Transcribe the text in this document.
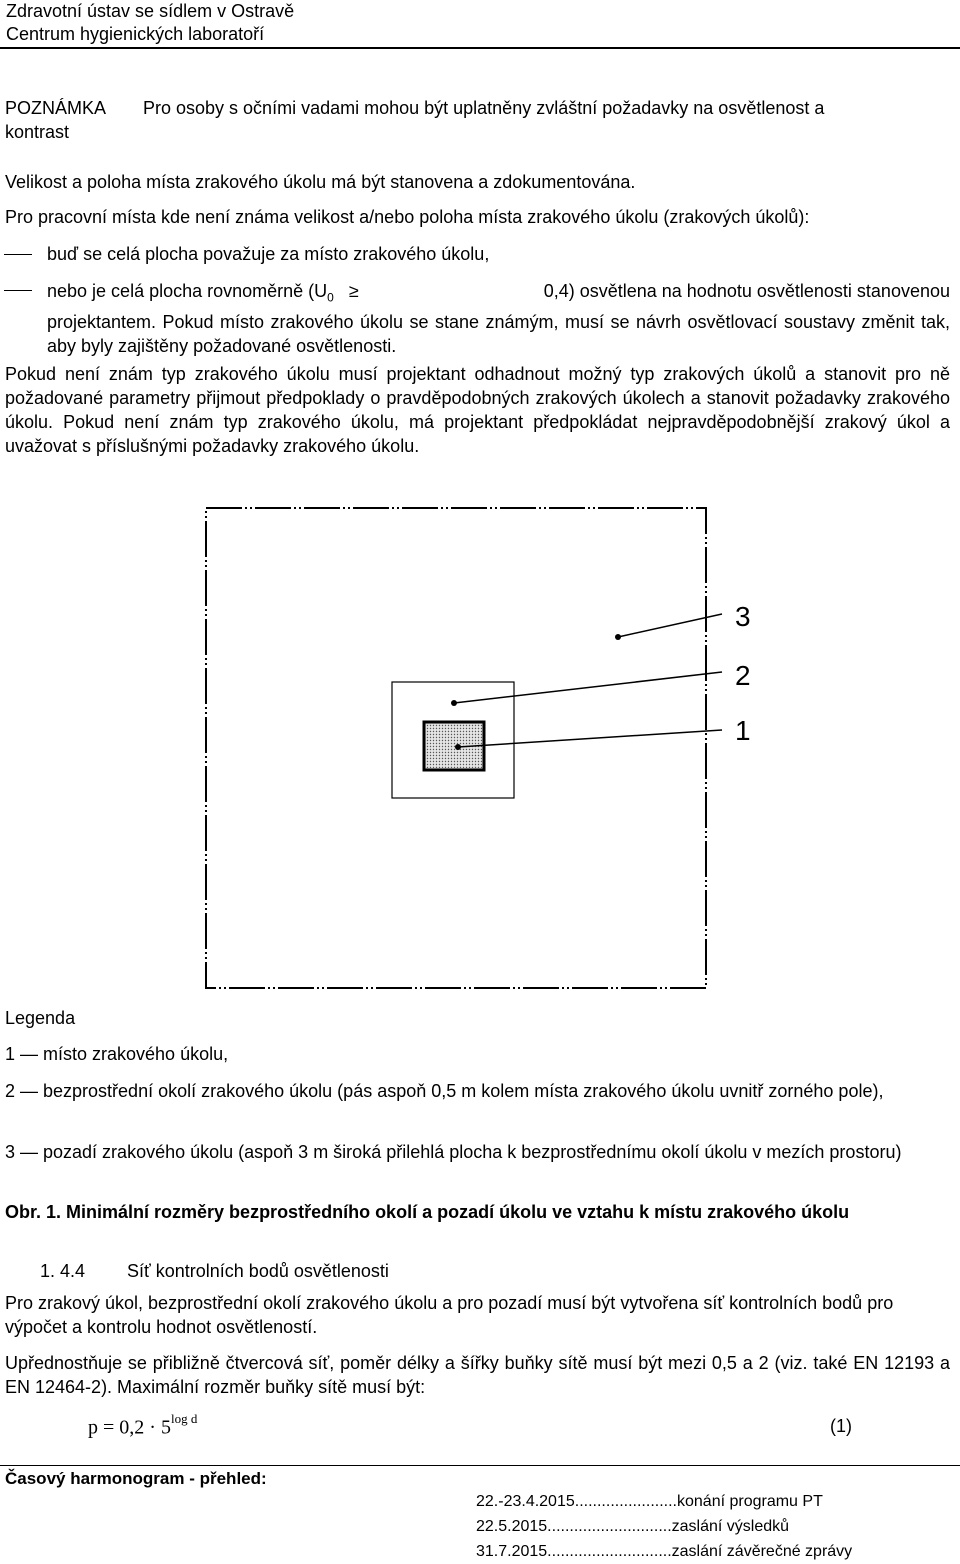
Zdravotní ústav se sídlem v Ostravě
Centrum hygienických laboratoří
POZNÁMKA Pro osoby s očními vadami mohou být uplatněny zvláštní požadavky na osvětlenost a
kontrast
Velikost a poloha místa zrakového úkolu má být stanovena a zdokumentována.
Pro pracovní místa kde není známa velikost a/nebo poloha místa zrakového úkolu (zrakových úkolů):
buď se celá plocha považuje za místo zrakového úkolu,
nebo je celá plocha rovnoměrně ($U_0$ ≥	0,4) osvětlena na hodnotu osvětlenosti stanovenou
projektantem. Pokud místo zrakového úkolu se stane známým, musí se návrh osvětlovací soustavy změnit tak, aby byly zajištěny požadované osvětlenosti.
Pokud není znám typ zrakového úkolu musí projektant odhadnout možný typ zrakových úkolů a stanovit pro ně požadované parametry přijmout předpoklady o pravděpodobných zrakových úkolech a stanovit požadavky zrakového úkolu. Pokud není znám typ zrakového úkolu, má projektant předpokládat nejpravděpodobnější zrakový úkol a uvažovat s příslušnými požadavky zrakového úkolu.
3
2
1
Legenda
1 — místo zrakového úkolu,
2 — bezprostřední okolí zrakového úkolu (pás aspoň 0,5 m kolem místa zrakového úkolu uvnitř zorného pole),
3 — pozadí zrakového úkolu (aspoň 3 m široká přilehlá plocha k bezprostřednímu okolí úkolu v mezích prostoru)
Obr. 1. Minimální rozměry bezprostředního okolí a pozadí úkolu ve vztahu k místu zrakového úkolu
1. 4.4 Síť kontrolních bodů osvětlenosti
Pro zrakový úkol, bezprostřední okolí zrakového úkolu a pro pozadí musí být vytvořena síť kontrolních bodů pro výpočet a kontrolu hodnot osvětleností.
Upřednostňuje se přibližně čtvercová síť, poměr délky a šířky buňky sítě musí být mezi 0,5 a 2 (viz. také EN 12193 a EN 12464-2). Maximální rozměr buňky sítě musí být:
$p = 0,2 \cdot 5^{log d}$	(1)
Časový harmonogram - přehled:
22.-23.4.2015.......................konání programu PT
22.5.2015............................zaslání výsledků
31.7.2015............................zaslání závěrečné zprávy
